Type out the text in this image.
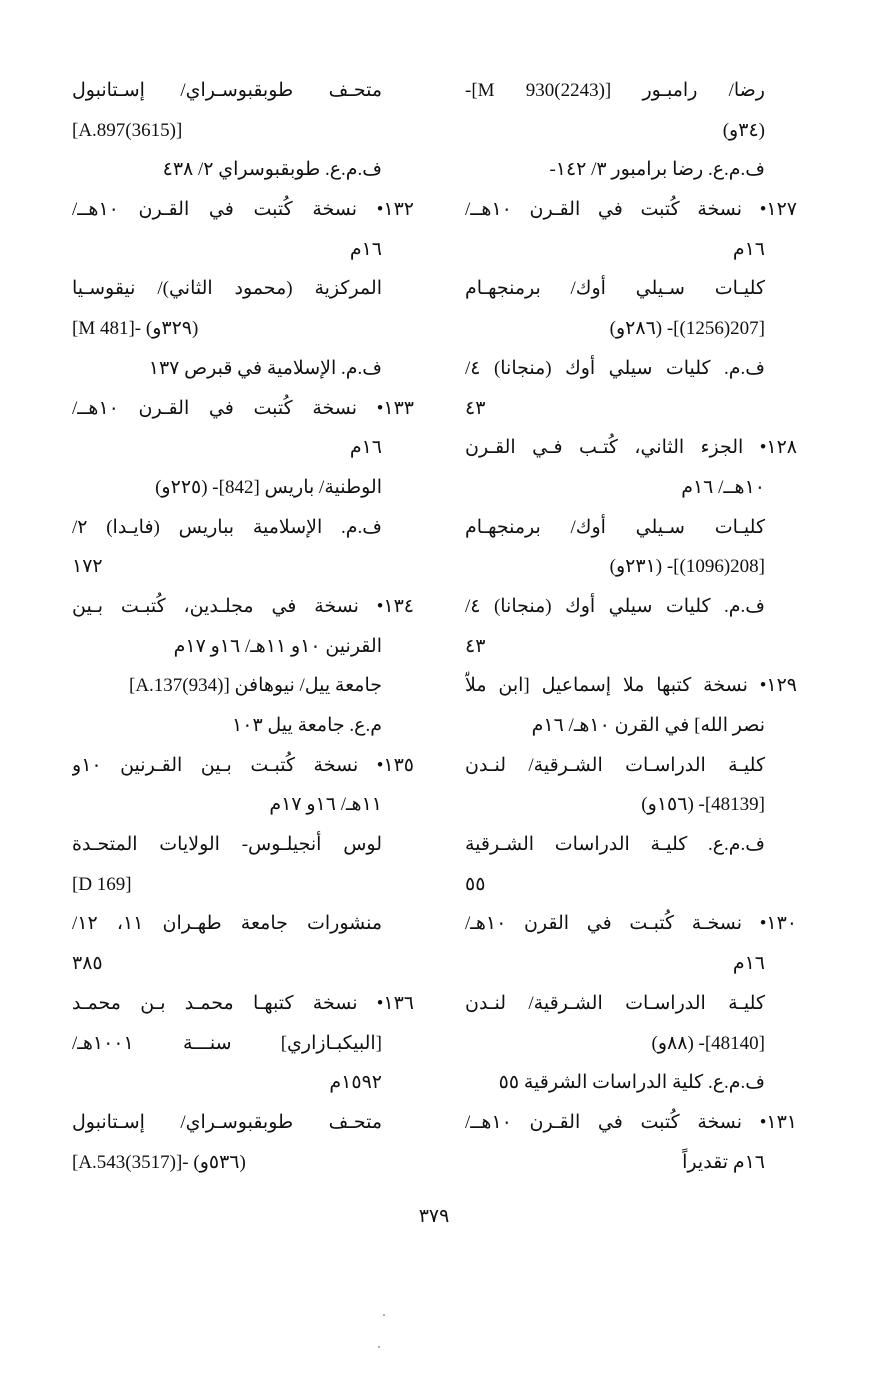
رضا/ رامبـور [M 930(2243)]-
(٣٤و)
ف.م.ع. رضا برامبور ٣/ ١٤٢-
١٢٧• نسخة كُتبت في القـرن ١٠هــ/
١٦م
كليـات سـيلي أوك/ برمنجهـام
[207(1256)]- (٢٨٦و)
ف.م. كليات سيلي أوك (منجانا) ٤/
٤٣
١٢٨• الجزء الثاني، كُتـب فـي القـرن
١٠هــ/ ١٦م
كليـات سـيلي أوك/ برمنجهـام
[208(1096)]- (٢٣١و)
ف.م. كليات سيلي أوك (منجانا) ٤/
٤٣
١٢٩• نسخة كتبها ملا إسماعيل [ابن ملاّ
نصر الله] في القرن ١٠هـ/ ١٦م
كليـة الدراسـات الشـرقية/ لنـدن
[48139]- (١٥٦و)
ف.م.ع. كليـة الدراسات الشـرقية
٥٥
١٣٠• نسخـة كُتبـت في القرن ١٠هـ/
١٦م
كليـة الدراسـات الشـرقية/ لنـدن
[48140]- (٨٨و)
ف.م.ع. كلية الدراسات الشرقية ٥٥
١٣١• نسخة كُتبت في القـرن ١٠هــ/
١٦م تقديراً
متحـف طوبقبوسـراي/ إسـتانبول
[A.897(3615)]
ف.م.ع. طوبقبوسراي ٢/ ٤٣٨
١٣٢• نسخة كُتبت في القـرن ١٠هــ/
١٦م
المركزية (محمود الثاني)/ نيقوسـيا
[M 481]- (٣٢٩و)
ف.م. الإسلامية في قبرص ١٣٧
١٣٣• نسخة كُتبت في القـرن ١٠هــ/
١٦م
الوطنية/ باريس [842]- (٢٢٥و)
ف.م. الإسلامية بباريس (فايـدا) ٢/
١٧٢
١٣٤• نسخة في مجلـدين، كُتبـت بـين
القرنين ١٠و ١١هـ/ ١٦و ١٧م
جامعة ييل/ نيوهافن [A.137(934)]
م.ع. جامعة ييل ١٠٣
١٣٥• نسخة كُتبـت بـين القـرنين ١٠و
١١هـ/ ١٦و ١٧م
لوس أنجيلـوس- الولايات المتحـدة
[D 169]
منشورات جامعة طهـران ١١، ١٢/
٣٨٥
١٣٦• نسخة كتبهـا محمـد بـن محمـد
[البيكبـازاري] سنـــة ١٠٠١هـ/
١٥٩٢م
متحـف طوبقبوسـراي/ إسـتانبول
[A.543(3517)]- (٥٣٦و)
٣٧٩
